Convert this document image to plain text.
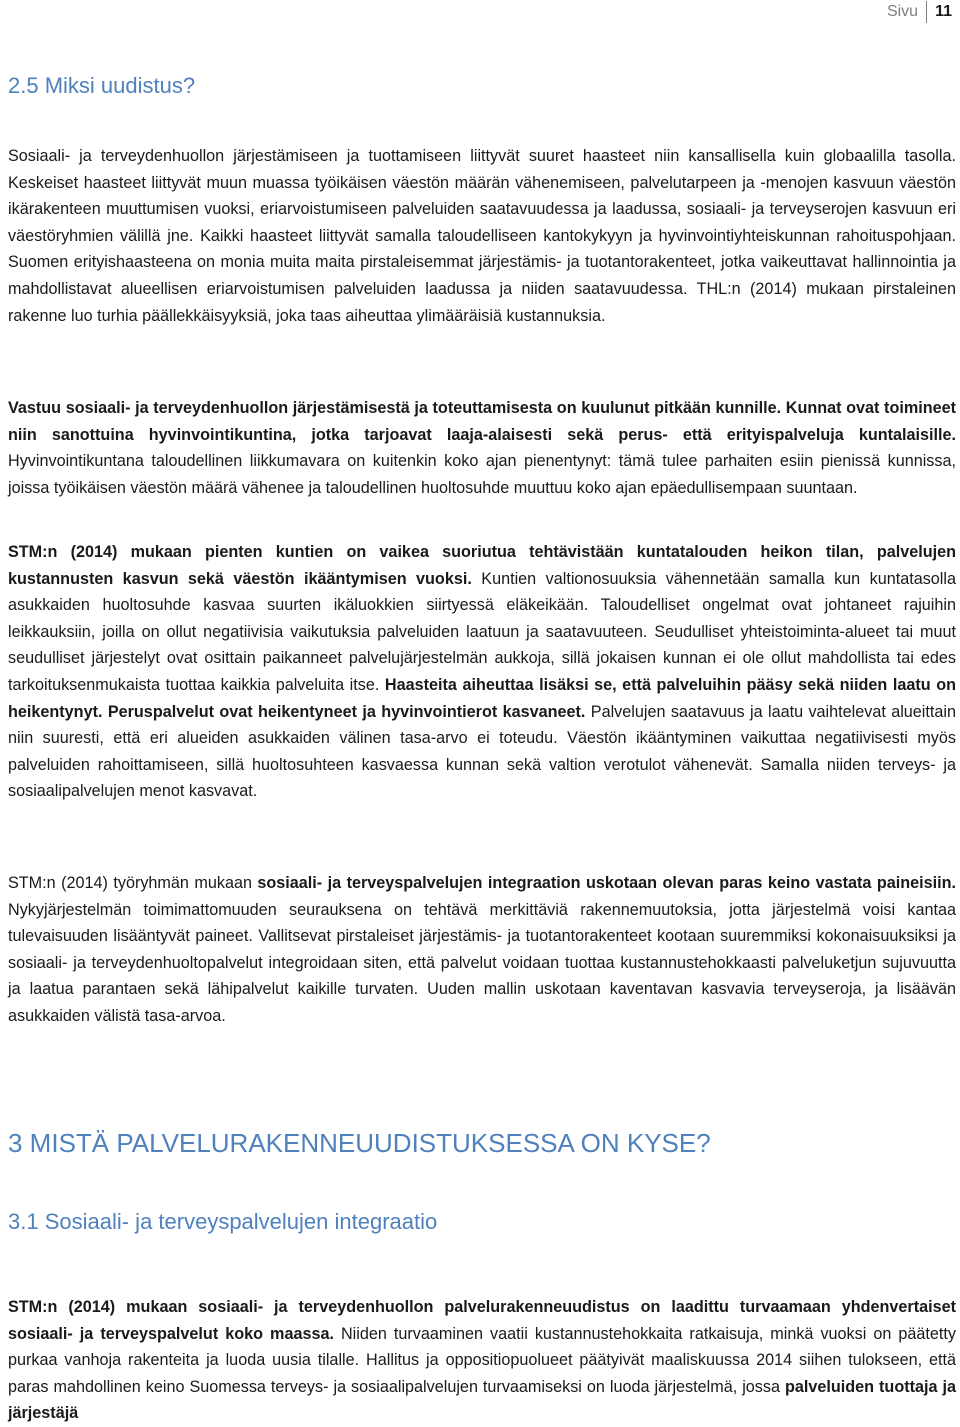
Sivu	11
2.5 Miksi uudistus?

Sosiaali- ja terveydenhuollon järjestämiseen ja tuottamiseen liittyvät suuret haasteet niin kansallisella kuin globaalilla tasolla. Keskeiset haasteet liittyvät muun muassa työikäisen väestön määrän vähenemiseen, palvelutarpeen ja -menojen kasvuun väestön ikärakenteen muuttumisen vuoksi, eriarvoistumiseen palveluiden saatavuudessa ja laadussa, sosiaali- ja terveyserojen kasvuun eri väestöryhmien välillä jne. Kaikki haasteet liittyvät samalla taloudelliseen kantokykyyn ja hyvinvointiyhteiskunnan rahoituspohjaan. Suomen erityishaasteena on monia muita maita pirstaleisemmat järjestämis- ja tuotantorakenteet, jotka vaikeuttavat hallinnointia ja mahdollistavat alueellisen eriarvoistumisen palveluiden laadussa ja niiden saatavuudessa. THL:n (2014) mukaan pirstaleinen rakenne luo turhia päällekkäisyyksiä, joka taas aiheuttaa ylimääräisiä kustannuksia.

Vastuu sosiaali- ja terveydenhuollon järjestämisestä ja toteuttamisesta on kuulunut pitkään kunnille. Kunnat ovat toimineet niin sanottuina hyvinvointikuntina, jotka tarjoavat laaja-alaisesti sekä perus- että erityispalveluja kuntalaisille. Hyvinvointikuntana taloudellinen liikkumavara on kuitenkin koko ajan pienentynyt: tämä tulee parhaiten esiin pienissä kunnissa, joissa työikäisen väestön määrä vähenee ja taloudellinen huoltosuhde muuttuu koko ajan epäedullisempaan suuntaan.

STM:n (2014) mukaan pienten kuntien on vaikea suoriutua tehtävistään kuntatalouden heikon tilan, palvelujen kustannusten kasvun sekä väestön ikääntymisen vuoksi. Kuntien valtionosuuksia vähennetään samalla kun kuntatasolla asukkaiden huoltosuhde kasvaa suurten ikäluokkien siirtyessä eläkeikään. Taloudelliset ongelmat ovat johtaneet rajuihin leikkauksiin, joilla on ollut negatiivisia vaikutuksia palveluiden laatuun ja saatavuuteen. Seudulliset yhteistoiminta-alueet tai muut seudulliset järjestelyt ovat osittain paikanneet palvelujärjestelmän aukkoja, sillä jokaisen kunnan ei ole ollut mahdollista tai edes tarkoituksenmukaista tuottaa kaikkia palveluita itse. Haasteita aiheuttaa lisäksi se, että palveluihin pääsy sekä niiden laatu on heikentynyt. Peruspalvelut ovat heikentyneet ja hyvinvointierot kasvaneet. Palvelujen saatavuus ja laatu vaihtelevat alueittain niin suuresti, että eri alueiden asukkaiden välinen tasa-arvo ei toteudu. Väestön ikääntyminen vaikuttaa negatiivisesti myös palveluiden rahoittamiseen, sillä huoltosuhteen kasvaessa kunnan sekä valtion verotulot vähenevät. Samalla niiden terveys- ja sosiaalipalvelujen menot kasvavat.

STM:n (2014) työryhmän mukaan sosiaali- ja terveyspalvelujen integraation uskotaan olevan paras keino vastata paineisiin. Nykyjärjestelmän toimimattomuuden seurauksena on tehtävä merkittäviä rakennemuutoksia, jotta järjestelmä voisi kantaa tulevaisuuden lisääntyvät paineet. Vallitsevat pirstaleiset järjestämis- ja tuotantorakenteet kootaan suuremmiksi kokonaisuuksiksi ja sosiaali- ja terveydenhuoltopalvelut integroidaan siten, että palvelut voidaan tuottaa kustannustehokkaasti palveluketjun sujuvuutta ja laatua parantaen sekä lähipalvelut kaikille turvaten. Uuden mallin uskotaan kaventavan kasvavia terveyseroja, ja lisäävän asukkaiden välistä tasa-arvoa.

3 MISTÄ PALVELURAKENNEUUDISTUKSESSA ON KYSE?
3.1 Sosiaali- ja terveyspalvelujen integraatio

STM:n (2014) mukaan sosiaali- ja terveydenhuollon palvelurakenneuudistus on laadittu turvaamaan yhdenvertaiset sosiaali- ja terveyspalvelut koko maassa. Niiden turvaaminen vaatii kustannustehokkaita ratkaisuja, minkä vuoksi on päätetty purkaa vanhoja rakenteita ja luoda uusia tilalle. Hallitus ja oppositiopuolueet päätyivät maaliskuussa 2014 siihen tulokseen, että paras mahdollinen keino Suomessa terveys- ja sosiaalipalvelujen turvaamiseksi on luoda järjestelmä, jossa palveluiden tuottaja ja järjestäjä
